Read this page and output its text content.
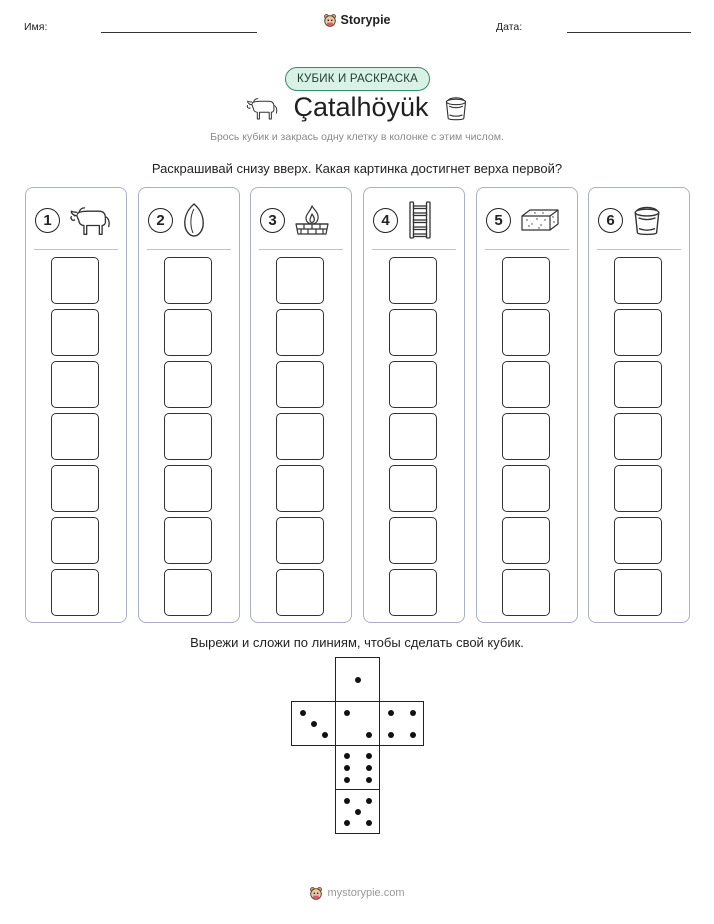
Имя:	Storypie	Дата:
КУБИК И РАСКРАСКА
Çatalhöyük
Брось кубик и закрась одну клетку в колонке с этим числом.
Раскрашивай снизу вверх. Какая картинка достигнет верха первой?
1	2	3	4	5	6
Вырежи и сложи по линиям, чтобы сделать свой кубик.
mystorypie.com
